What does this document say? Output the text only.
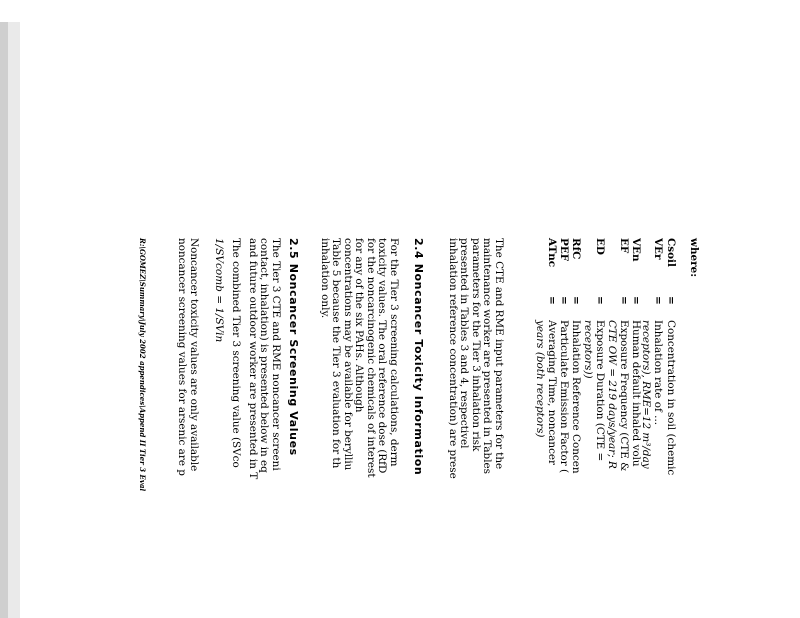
where:
Csoil
=
Concentration in soil (chemic
VEr
=
Inhalation rate of ...
receptors), RME=12 m³/day
VEn
=
Human default inhaled volu
EF
=
Exposure Frequency (CTE &
CTE OW = 219 days/year; R
ED
=
Exposure Duration (CTE =
receptors))
RfC
=
Inhalation Reference Concen
PEF
=
Particulate Emission Factor (
ATnc
=
Averaging Time, noncancer
years (both receptors)
The CTE and RME input parameters for the
maintenance worker are presented in Tables
parameters for the Tier 3 inhalation risk
presented in Tables 3 and 4, respectivel
inhalation reference concentration) are prese
2.4 Noncancer Toxicity Information
For the Tier 3 screening calculations, derm
toxicity values. The oral reference dose (RfD
for the noncarcinogenic chemicals of interest
for any of the six PAHs. Although
concentrations may be available for berylliu
Table 5 because the Tier 3 evaluation for th
inhalation only.
2.5 Noncancer Screening Values
The Tier 3 CTE and RME noncancer screeni
contact, inhalation) is presented below in eq
and future outdoor worker are presented in T
The combined Tier 3 screening value (SVco
1/SVcomb = 1/SVin
Noncancer toxicity values are only available
noncancer screening values for arsenic are p
R:\GOMEZ\Summary\July 2002 appendices\Append II Tier 3 Eval
